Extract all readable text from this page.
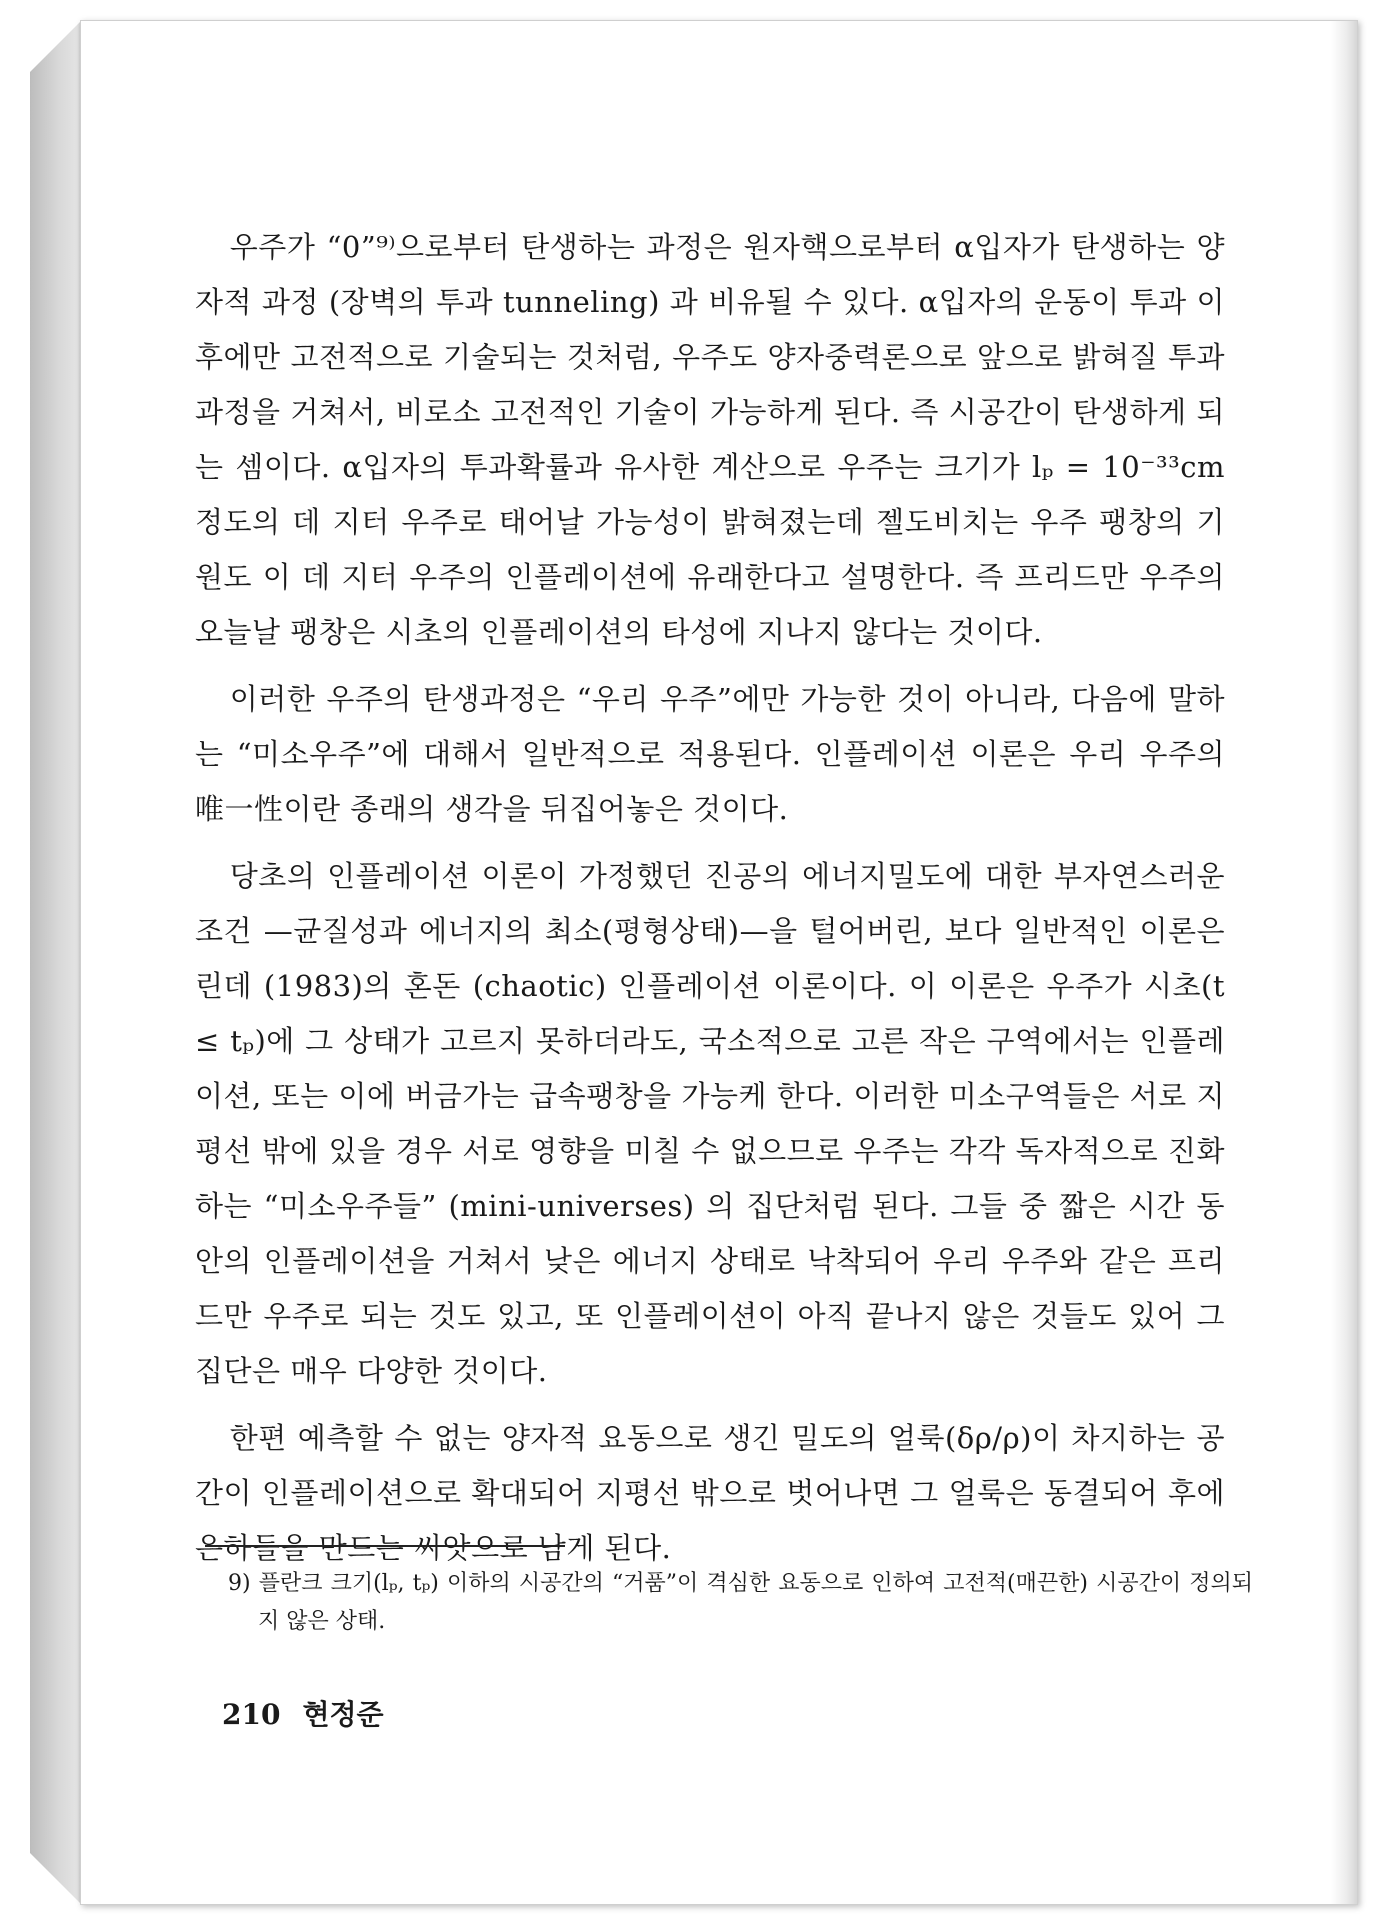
우주가 “0”⁹⁾으로부터 탄생하는 과정은 원자핵으로부터 α입자가 탄생하는 양자적 과정 (장벽의 투과 tunneling) 과 비유될 수 있다. α입자의 운동이 투과 이후에만 고전적으로 기술되는 것처럼, 우주도 양자중력론으로 앞으로 밝혀질 투과과정을 거쳐서, 비로소 고전적인 기술이 가능하게 된다. 즉 시공간이 탄생하게 되는 셈이다. α입자의 투과확률과 유사한 계산으로 우주는 크기가 lₚ = 10⁻³³cm 정도의 데 지터 우주로 태어날 가능성이 밝혀졌는데 젤도비치는 우주 팽창의 기원도 이 데 지터 우주의 인플레이션에 유래한다고 설명한다. 즉 프리드만 우주의 오늘날 팽창은 시초의 인플레이션의 타성에 지나지 않다는 것이다.

이러한 우주의 탄생과정은 “우리 우주”에만 가능한 것이 아니라, 다음에 말하는 “미소우주”에 대해서 일반적으로 적용된다. 인플레이션 이론은 우리 우주의 唯一性이란 종래의 생각을 뒤집어놓은 것이다.

당초의 인플레이션 이론이 가정했던 진공의 에너지밀도에 대한 부자연스러운 조건 —균질성과 에너지의 최소(평형상태)—을 털어버린, 보다 일반적인 이론은 린데 (1983)의 혼돈 (chaotic) 인플레이션 이론이다. 이 이론은 우주가 시초(t ≤ tₚ)에 그 상태가 고르지 못하더라도, 국소적으로 고른 작은 구역에서는 인플레이션, 또는 이에 버금가는 급속팽창을 가능케 한다. 이러한 미소구역들은 서로 지평선 밖에 있을 경우 서로 영향을 미칠 수 없으므로 우주는 각각 독자적으로 진화하는 “미소우주들” (mini-universes) 의 집단처럼 된다. 그들 중 짧은 시간 동안의 인플레이션을 거쳐서 낮은 에너지 상태로 낙착되어 우리 우주와 같은 프리드만 우주로 되는 것도 있고, 또 인플레이션이 아직 끝나지 않은 것들도 있어 그 집단은 매우 다양한 것이다.

한편 예측할 수 없는 양자적 요동으로 생긴 밀도의 얼룩(δρ/ρ)이 차지하는 공간이 인플레이션으로 확대되어 지평선 밖으로 벗어나면 그 얼룩은 동결되어 후에 은하들을 만드는 씨앗으로 남게 된다.

9) 플란크 크기(lₚ, tₚ) 이하의 시공간의 “거품”이 격심한 요동으로 인하여 고전적(매끈한) 시공간이 정의되지 않은 상태.
210 현정준
